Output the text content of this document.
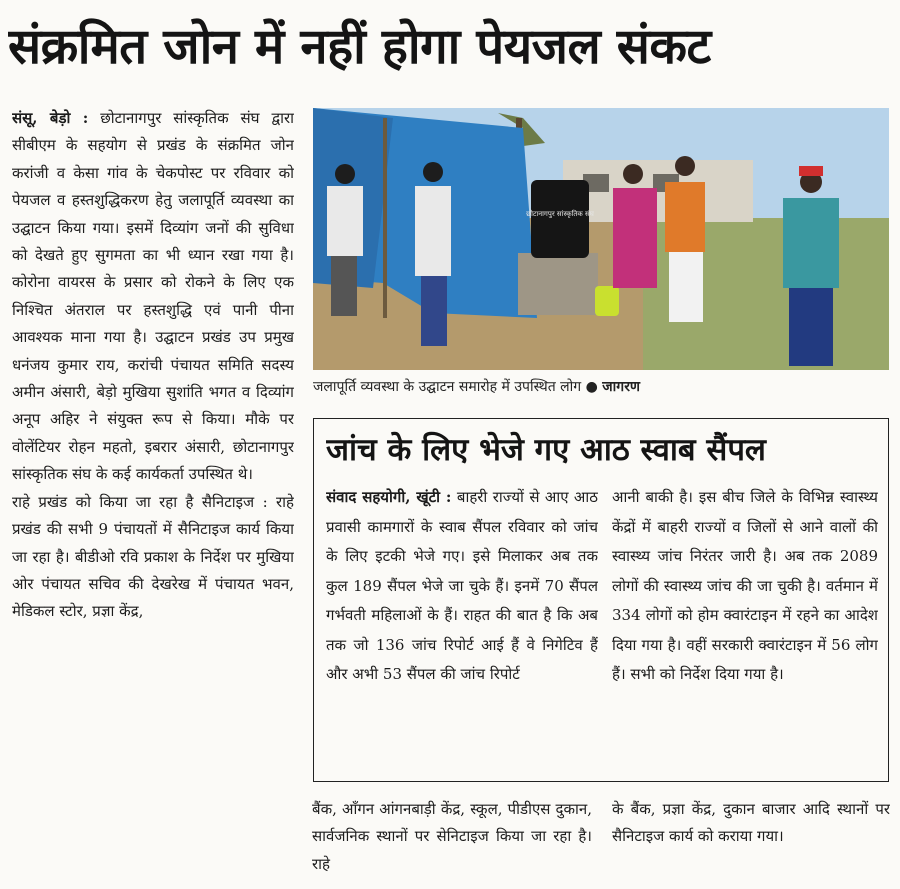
संक्रमित जोन में नहीं होगा पेयजल संकट

संसू, बेड़ो : छोटानागपुर सांस्कृतिक संघ द्वारा सीबीएम के सहयोग से प्रखंड के संक्रमित जोन करांजी व केसा गांव के चेकपोस्ट पर रविवार को पेयजल व हस्तशुद्धिकरण हेतु जलापूर्ति व्यवस्था का उद्घाटन किया गया। इसमें दिव्यांग जनों की सुविधा को देखते हुए सुगमता का भी ध्यान रखा गया है। कोरोना वायरस के प्रसार को रोकने के लिए एक निश्चित अंतराल पर हस्तशुद्धि एवं पानी पीना आवश्यक माना गया है। उद्घाटन प्रखंड उप प्रमुख धनंजय कुमार राय, करांची पंचायत समिति सदस्य अमीन अंसारी, बेड़ो मुखिया सुशांति भगत व दिव्यांग अनूप अहिर ने संयुक्त रूप से किया। मौके पर वोलेंटियर रोहन महतो, इबरार अंसारी, छोटानागपुर सांस्कृतिक संघ के कई कार्यकर्ता उपस्थित थे।

राहे प्रखंड को किया जा रहा है सैनिटाइज : राहे प्रखंड की सभी 9 पंचायतों में सैनिटाइज कार्य किया जा रहा है। बीडीओ रवि प्रकाश के निर्देश पर मुखिया ओर पंचायत सचिव की देखरेख में पंचायत भवन, मेडिकल स्टोर, प्रज्ञा केंद्र,

छोटानागपुर सांस्कृतिक संघ
जलापूर्ति व्यवस्था के उद्घाटन समारोह में उपस्थित लोग ● जागरण
जांच के लिए भेजे गए आठ स्वाब सैंपल
संवाद सहयोगी, खूंटी : बाहरी राज्यों से आए आठ प्रवासी कामगारों के स्वाब सैंपल रविवार को जांच के लिए इटकी भेजे गए। इसे मिलाकर अब तक कुल 189 सैंपल भेजे जा चुके हैं। इनमें 70 सैंपल गर्भवती महिलाओं के हैं। राहत की बात है कि अब तक जो 136 जांच रिपोर्ट आई हैं वे निगेटिव हैं और अभी 53 सैंपल की जांच रिपोर्ट
आनी बाकी है। इस बीच जिले के विभिन्न स्वास्थ्य केंद्रों में बाहरी राज्यों व जिलों से आने वालों की स्वास्थ्य जांच निरंतर जारी है। अब तक 2089 लोगों की स्वास्थ्य जांच की जा चुकी है। वर्तमान में 334 लोगों को होम क्वारंटाइन में रहने का आदेश दिया गया है। वहीं सरकारी क्वारंटाइन में 56 लोग हैं। सभी को निर्देश दिया गया है।
बैंक, आँगन आंगनबाड़ी केंद्र, स्कूल, पीडीएस दुकान, सार्वजनिक स्थानों पर सेनिटाइज किया जा रहा है। राहे
के बैंक, प्रज्ञा केंद्र, दुकान बाजार आदि स्थानों पर सैनिटाइज कार्य को कराया गया।
